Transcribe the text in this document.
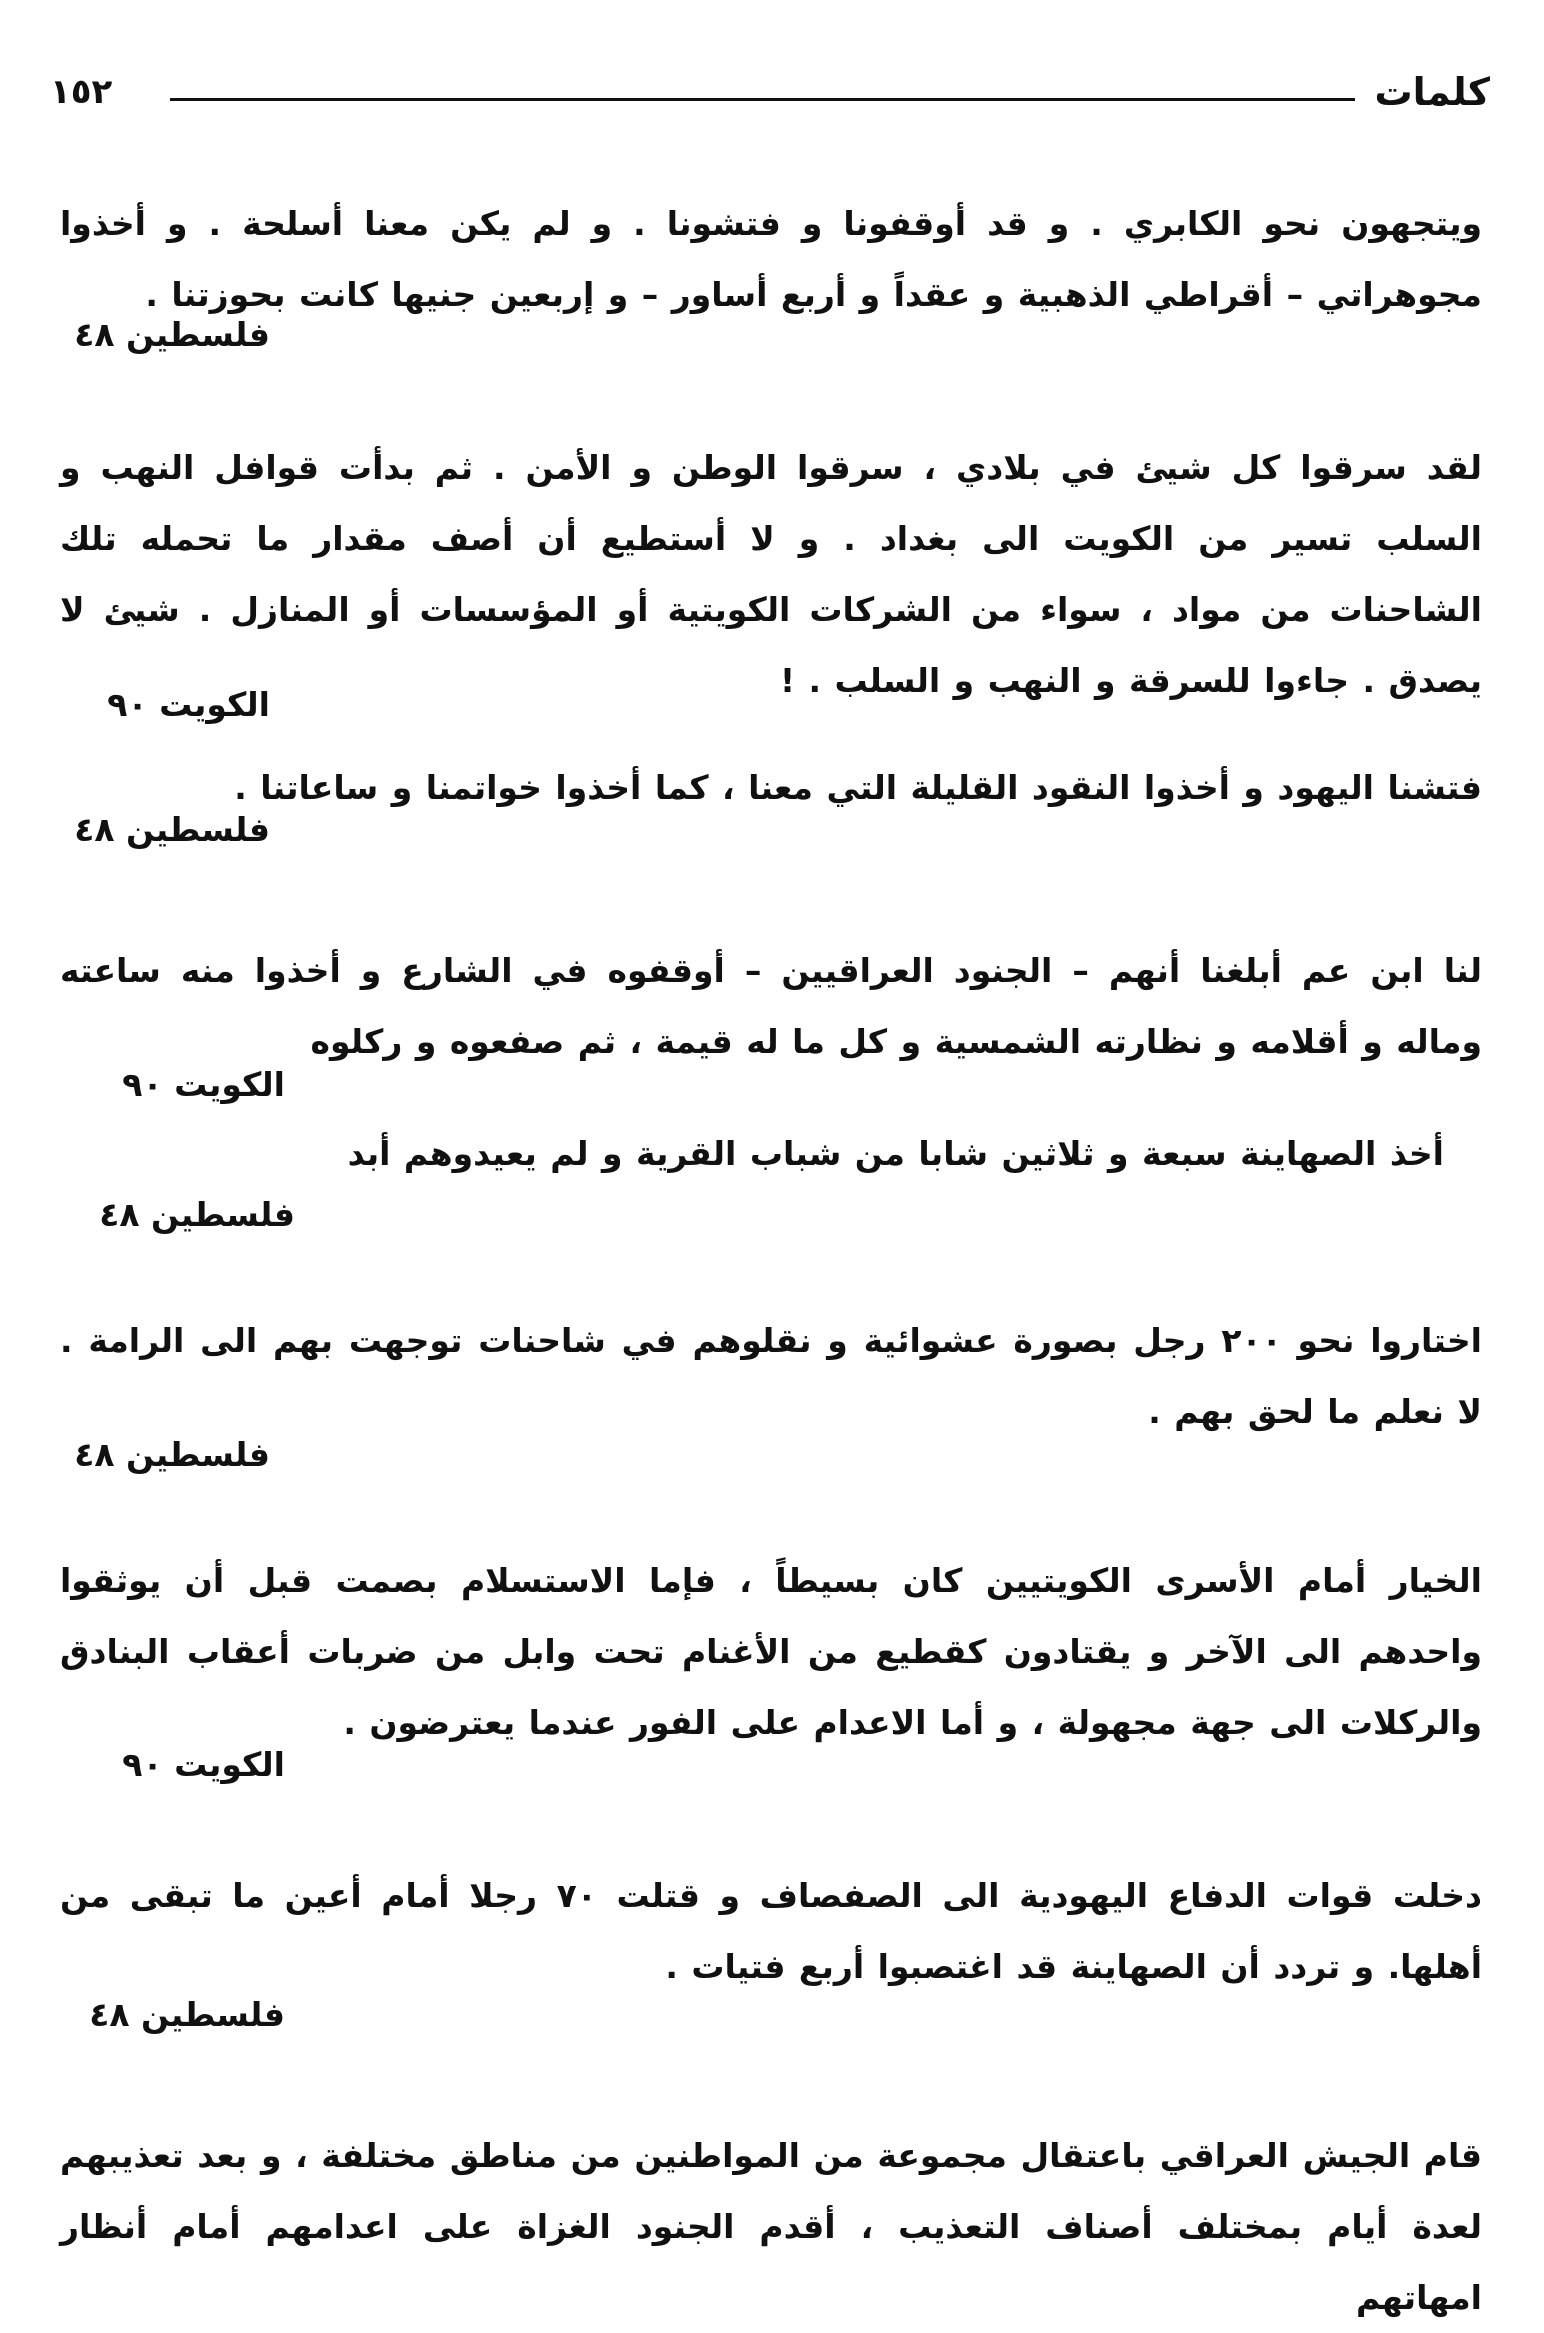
كلمات
١٥٢
ويتجهون نحو الكابري . و قد أوقفونا و فتشونا . و لم يكن معنا أسلحة . و أخذوا مجوهراتي – أقراطي الذهبية و عقداً و أربع أساور – و إربعين جنيها كانت بحوزتنا .
فلسطين ٤٨
لقد سرقوا كل شيئ في بلادي ، سرقوا الوطن و الأمن . ثم بدأت قوافل النهب و السلب تسير من الكويت الى بغداد . و لا أستطيع أن أصف مقدار ما تحمله تلك الشاحنات من مواد ، سواء من الشركات الكويتية أو المؤسسات أو المنازل . شيئ لا يصدق . جاءوا للسرقة و النهب و السلب . !
الكويت ٩٠
فتشنا اليهود و أخذوا النقود القليلة التي معنا ، كما أخذوا خواتمنا و ساعاتنا .
فلسطين ٤٨
لنا ابن عم أبلغنا أنهم – الجنود العراقيين – أوقفوه في الشارع و أخذوا منه ساعته وماله و أقلامه و نظارته الشمسية و كل ما له قيمة ، ثم صفعوه و ركلوه
الكويت ٩٠
أخذ الصهاينة سبعة و ثلاثين شابا من شباب القرية و لم يعيدوهم أبد
فلسطين ٤٨
اختاروا نحو ٢٠٠ رجل بصورة عشوائية و نقلوهم في شاحنات توجهت بهم الى الرامة . لا نعلم ما لحق بهم .
فلسطين ٤٨
الخيار أمام الأسرى الكويتيين كان بسيطاً ، فإما الاستسلام بصمت قبل أن يوثقوا واحدهم الى الآخر و يقتادون كقطيع من الأغنام تحت وابل من ضربات أعقاب البنادق والركلات الى جهة مجهولة ، و أما الاعدام على الفور عندما يعترضون .
الكويت ٩٠
دخلت قوات الدفاع اليهودية الى الصفصاف و قتلت ٧٠ رجلا أمام أعين ما تبقى من أهلها. و تردد أن الصهاينة قد اغتصبوا أربع فتيات .
فلسطين ٤٨
قام الجيش العراقي باعتقال مجموعة من المواطنين من مناطق مختلفة ، و بعد تعذيبهم لعدة أيام بمختلف أصناف التعذيب ، أقدم الجنود الغزاة على اعدامهم أمام أنظار امهاتهم
